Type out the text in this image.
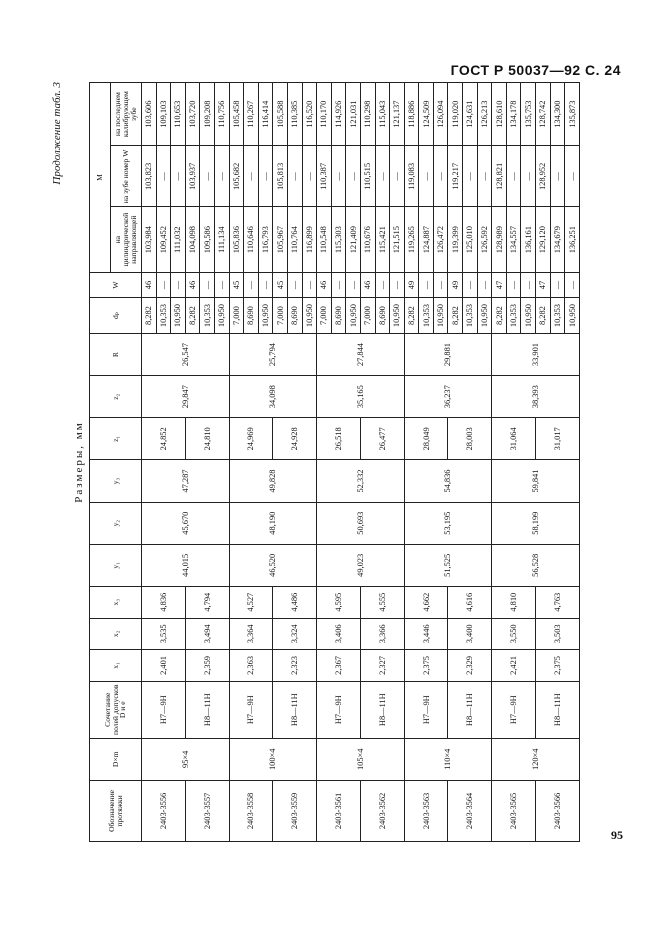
ГОСТ Р 50037—92 С. 24
Продолжение табл. 3
Размеры, мм
Обозначение протяжки	D×m	Сочетание полей допусков D и e	x₁	x₂	x₃	y₁	y₂	y₃	z₁	z₂	R	dₚ	W	M		
														на цилиндрической направляющей	на зубе номер W	на последнем калибрующем зубе
2403-3556	95×4	H7—9H	2,401	3,535	4,836	44,015	45,670	47,287	24,852	29,847	26,547	8,282	46	103,984	103,823	103,606
												10,353	—	109,452	—	109,103
												10,950	—	111,032	—	110,653
2403-3557		H8—11H	2,359	3,494	4,794				24,810			8,282	46	104,098	103,937	103,720
												10,353	—	109,586	—	109,208
												10,950	—	111,134	—	110,756
2403-3558	100×4	H7—9H	2,363	3,364	4,527	46,520	48,190	49,828	24,969	34,098	25,794	7,000	45	105,836	105,682	105,458
												8,690	—	110,646	—	110,267
												10,950	—	116,793	—	116,414
2403-3559		H8—11H	2,323	3,324	4,486				24,928			7,000	45	105,967	105,813	105,588
												8,690	—	110,764	—	110,385
												10,950	—	116,899	—	116,520
2403-3561	105×4	H7—9H	2,367	3,406	4,595	49,023	50,693	52,332	26,518	35,165	27,844	7,000	46	110,548	110,387	110,170
												8,690	—	115,303	—	114,926
												10,950	—	121,409	—	121,031
2403-3562		H8—11H	2,327	3,366	4,555				26,477			7,000	46	110,676	110,515	110,298
												8,690	—	115,421	—	115,043
												10,950	—	121,515	—	121,137
2403-3563	110×4	H7—9H	2,375	3,446	4,662	51,525	53,195	54,836	28,049	36,237	29,881	8,282	49	119,265	119,083	118,886
												10,353	—	124,887	—	124,509
												10,950	—	126,472	—	126,094
2403-3564		H8—11H	2,329	3,400	4,616				28,003			8,282	49	119,399	119,217	119,020
												10,353	—	125,010	—	124,631
												10,950	—	126,592	—	126,213
2403-3565	120×4	H7—9H	2,421	3,550	4,810	56,528	58,199	59,841	31,064	38,393	33,901	8,282	47	128,989	128,821	128,610
												10,353	—	134,557	—	134,178
												10,950	—	136,161	—	135,753
2403-3566		H8—11H	2,375	3,503	4,763				31,017			8,282	47	129,120	128,952	128,742
												10,353	—	134,679	—	134,300
												10,950	—	136,251	—	135,873
95
